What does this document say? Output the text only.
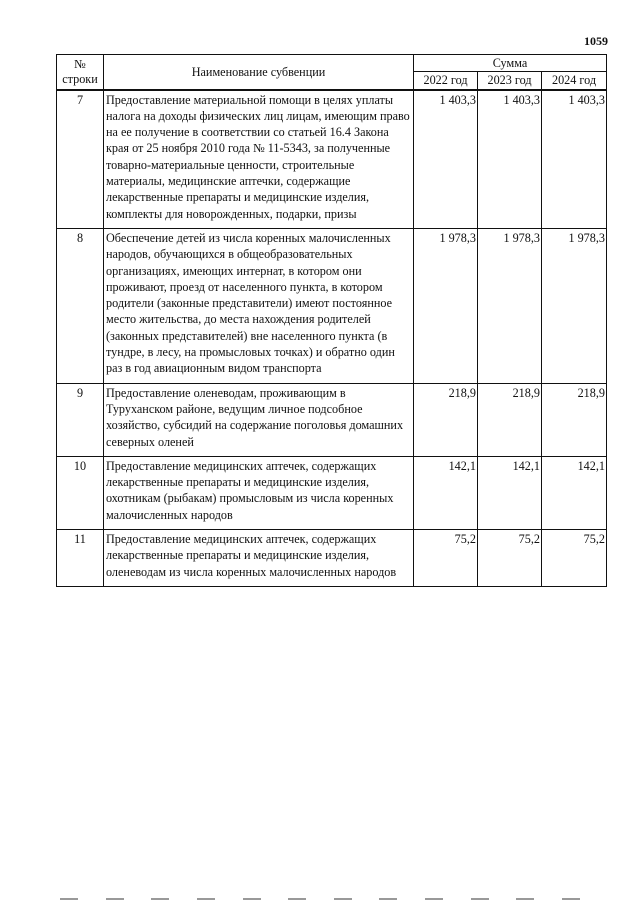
1059
№
строки	Наименование субвенции	Сумма		
		2022 год	2023 год	2024 год

7	Предоставление материальной помощи в целях уплаты налога на доходы физических лиц лицам, имеющим право на ее получение в соответствии со статьей 16.4 Закона края от 25 ноября 2010 года № 11-5343, за полученные товарно-материальные ценности, строительные материалы, медицинские аптечки, содержащие лекарственные препараты и медицинские изделия, комплекты для новорожденных, подарки, призы	1 403,3	1 403,3	1 403,3
8	Обеспечение детей из числа коренных малочисленных народов, обучающихся в общеобразовательных организациях, имеющих интернат, в котором они проживают, проезд от населенного пункта, в котором родители (законные представители) имеют постоянное место жительства, до места нахождения родителей (законных представителей) вне населенного пункта (в тундре, в лесу, на промысловых точках) и обратно один раз в год авиационным видом транспорта	1 978,3	1 978,3	1 978,3
9	Предоставление оленеводам, проживающим в Туруханском районе, ведущим личное подсобное хозяйство, субсидий на содержание поголовья домашних северных оленей	218,9	218,9	218,9
10	Предоставление медицинских аптечек, содержащих лекарственные препараты и медицинские изделия, охотникам (рыбакам) промысловым из числа коренных малочисленных народов	142,1	142,1	142,1
11	Предоставление медицинских аптечек, содержащих лекарственные препараты и медицинские изделия, оленеводам из числа коренных малочисленных народов	75,2	75,2	75,2
